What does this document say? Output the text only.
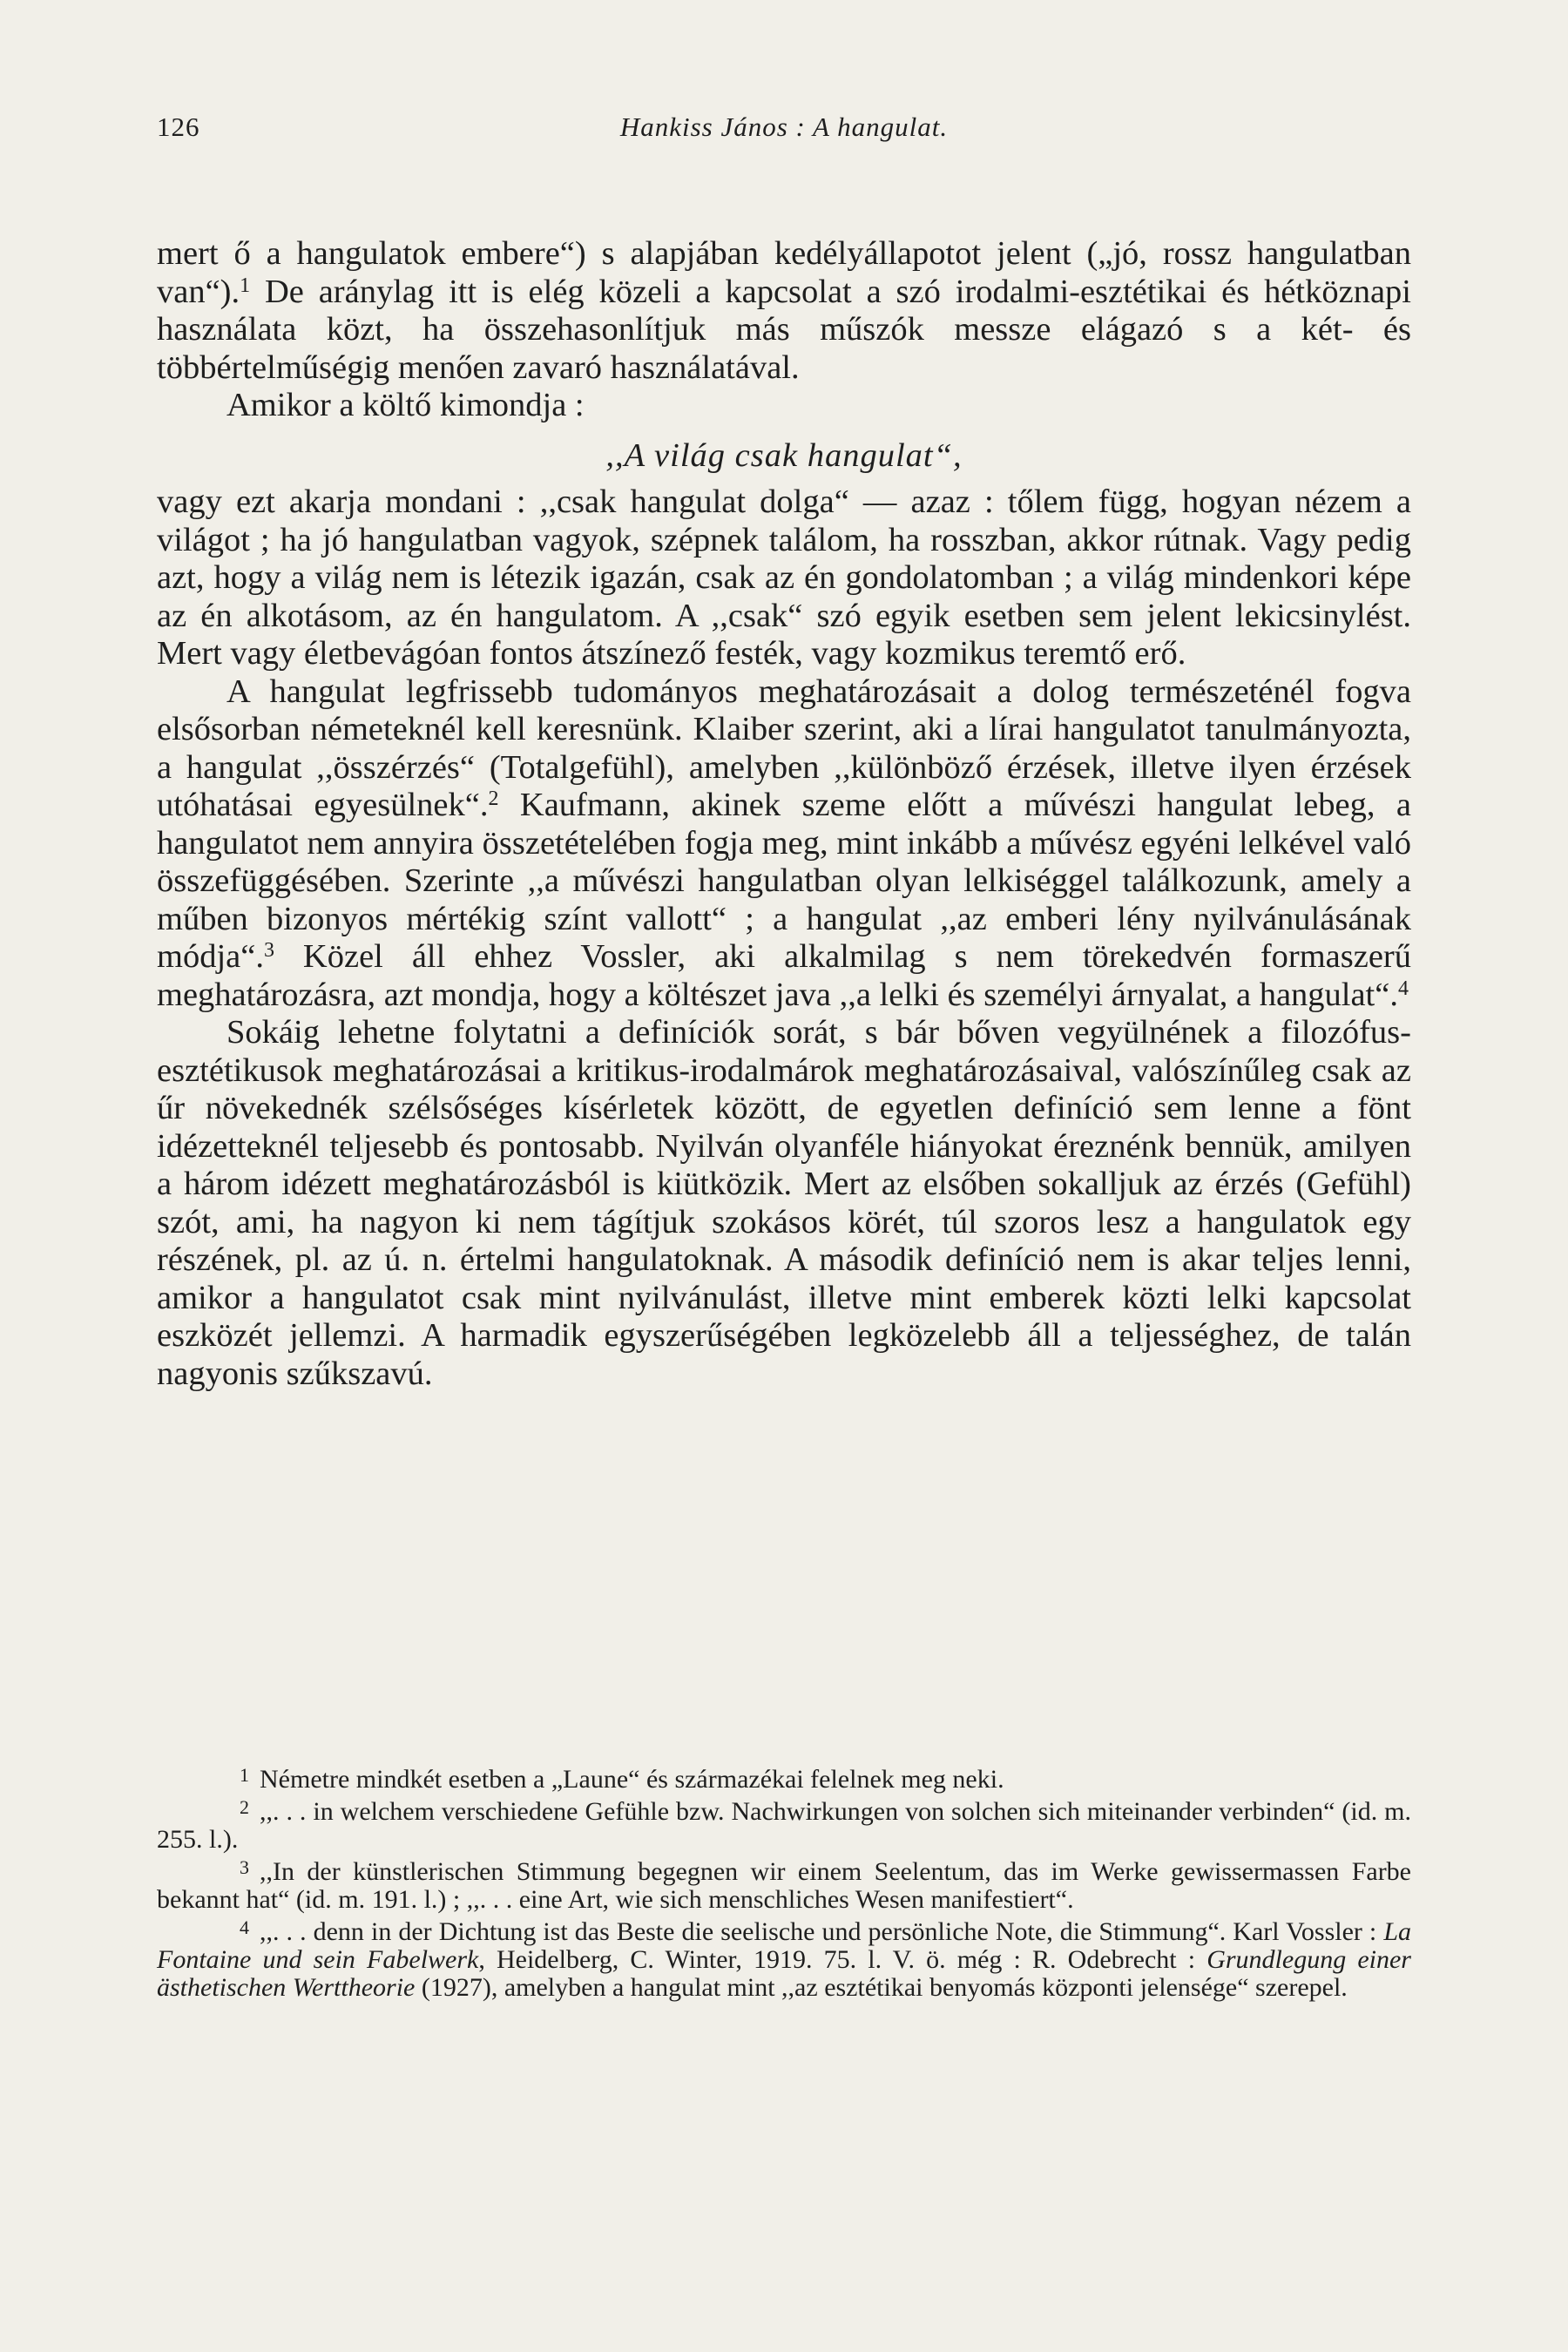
126	Hankiss János : A hangulat.

mert ő a hangulatok embere“) s alapjában kedélyállapotot jelent („jó, rossz hangulatban van“).$^1$ De aránylag itt is elég közeli a kapcsolat a szó irodalmi-esztétikai és hétköznapi használata közt, ha összehasonlítjuk más műszók messze elágazó s a két- és többértelműségig menően zavaró használatával.

Amikor a költő kimondja :

,,A világ csak hangulat“,

vagy ezt akarja mondani : ,,csak hangulat dolga“ — azaz : tőlem függ, hogyan nézem a világot ; ha jó hangulatban vagyok, szépnek találom, ha rosszban, akkor rútnak. Vagy pedig azt, hogy a világ nem is létezik igazán, csak az én gondolatomban ; a világ mindenkori képe az én alkotásom, az én hangulatom. A ,,csak“ szó egyik esetben sem jelent lekicsinylést. Mert vagy életbevágóan fontos átszínező festék, vagy kozmikus teremtő erő.

A hangulat legfrissebb tudományos meghatározásait a dolog természeténél fogva elsősorban németeknél kell keresnünk. Klaiber szerint, aki a lírai hangulatot tanulmányozta, a hangulat ,,összérzés“ (Totalgefühl), amelyben ,,különböző érzések, illetve ilyen érzések utóhatásai egyesülnek“.$^2$ Kaufmann, akinek szeme előtt a művészi hangulat lebeg, a hangulatot nem annyira összetételében fogja meg, mint inkább a művész egyéni lelkével való összefüggésében. Szerinte ,,a művészi hangulatban olyan lelkiséggel találkozunk, amely a műben bizonyos mértékig színt vallott“ ; a hangulat ,,az emberi lény nyilvánulásának módja“.$^3$ Közel áll ehhez Vossler, aki alkalmilag s nem törekedvén formaszerű meghatározásra, azt mondja, hogy a költészet java ,,a lelki és személyi árnyalat, a hangulat“.$^4$

Sokáig lehetne folytatni a definíciók sorát, s bár bőven vegyülnének a filozófus-esztétikusok meghatározásai a kritikus-irodalmárok meghatározásaival, valószínűleg csak az űr növekednék szélsőséges kísérletek között, de egyetlen definíció sem lenne a fönt idézetteknél teljesebb és pontosabb. Nyilván olyanféle hiányokat éreznénk bennük, amilyen a három idézett meghatározásból is kiütközik. Mert az elsőben sokalljuk az érzés (Gefühl) szót, ami, ha nagyon ki nem tágítjuk szokásos körét, túl szoros lesz a hangulatok egy részének, pl. az ú. n. értelmi hangulatoknak. A második definíció nem is akar teljes lenni, amikor a hangulatot csak mint nyilvánulást, illetve mint emberek közti lelki kapcsolat eszközét jellemzi. A harmadik egyszerűségében legközelebb áll a teljességhez, de talán nagyonis szűkszavú.

$^1$ Németre mindkét esetben a „Laune“ és származékai felelnek meg neki.

$^2$ ,,. . . in welchem verschiedene Gefühle bzw. Nachwirkungen von solchen sich miteinander verbinden“ (id. m. 255. l.).

$^3$ ,,In der künstlerischen Stimmung begegnen wir einem Seelentum, das im Werke gewissermassen Farbe bekannt hat“ (id. m. 191. l.) ; ,,. . . eine Art, wie sich menschliches Wesen manifestiert“.

$^4$ ,,. . . denn in der Dichtung ist das Beste die seelische und persönliche Note, die Stimmung“. Karl Vossler : La Fontaine und sein Fabelwerk, Heidelberg, C. Winter, 1919. 75. l. V. ö. még : R. Odebrecht : Grundlegung einer ästhetischen Werttheorie (1927), amelyben a hangulat mint ,,az esztétikai benyomás központi jelensége“ szerepel.
